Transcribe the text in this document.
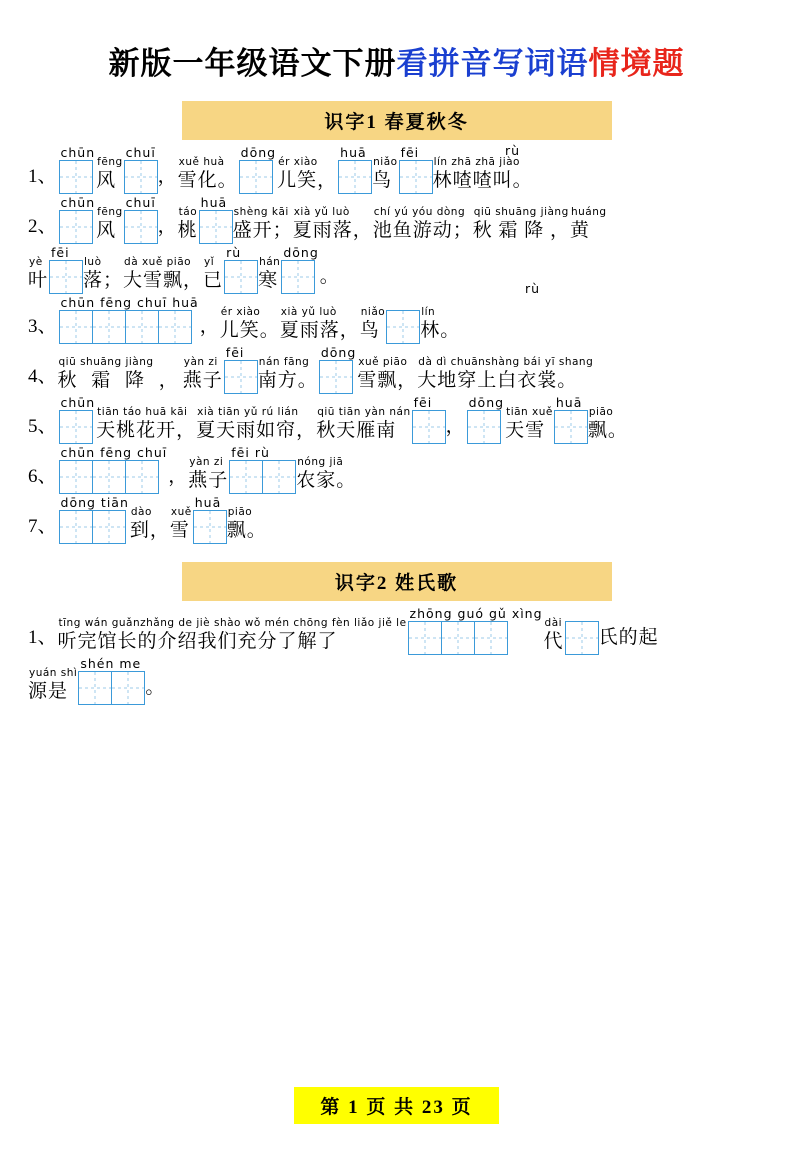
新版一年级语文下册看拼音写词语情境题
识字1 春夏秋冬
1、
chūn
fēng
风
chuī
，
xuě huà
雪化。
dōng
ér xiào
儿笑，
huā
niǎo
鸟
fēi
lín zhā zhā jiào
林喳喳叫。
rù
2、
chūn
fēng
风
chuī
，
táo
桃
huā
shèng kāi
盛开；
xià yǔ luò
夏雨落，
chí yú yóu dòng
池鱼游动；
qiū shuāng jiàng
秋 霜 降 ，
huáng
黄
yè
叶
fēi
luò
落；
dà xuě piāo
大雪飘，
yǐ
已
rù
hán
寒
dōng
。
3、
chūn fēng chuī huā
，
ér xiào
儿笑。
xià yǔ luò
夏雨落，
niǎo
鸟
lín
林。
rù
4、
qiū shuāng jiàng
秋 霜 降 ，
yàn zi
燕子
fēi
nán fāng
南方。
dōng
xuě piāo
雪飘，
dà dì chuānshàng bái yī shang
大地穿上白衣裳。
5、
chūn
tiān táo huā kāi
天桃花开，
xià tiān yǔ rú lián
夏天雨如帘，
qiū tiān yàn nán
秋天雁南
fēi
，
dōng
tiān xuě
天雪
huā
piāo
飘。
6、
chūn fēng chuī
，
yàn zi
燕子
fēi rù
nóng jiā
农家。
7、
dōng tiān
dào
到，
xuě
雪
huā
piāo
飘。
识字2 姓氏歌
1、
tīng wán guǎnzhǎng de jiè shào wǒ mén chōng fèn liǎo jiě le
听完馆长的介绍我们充分了解了
zhōng guó gǔ xìng
dài
代 氏的起
yuán shì
源是
shén me
。
第 1 页 共 23 页
